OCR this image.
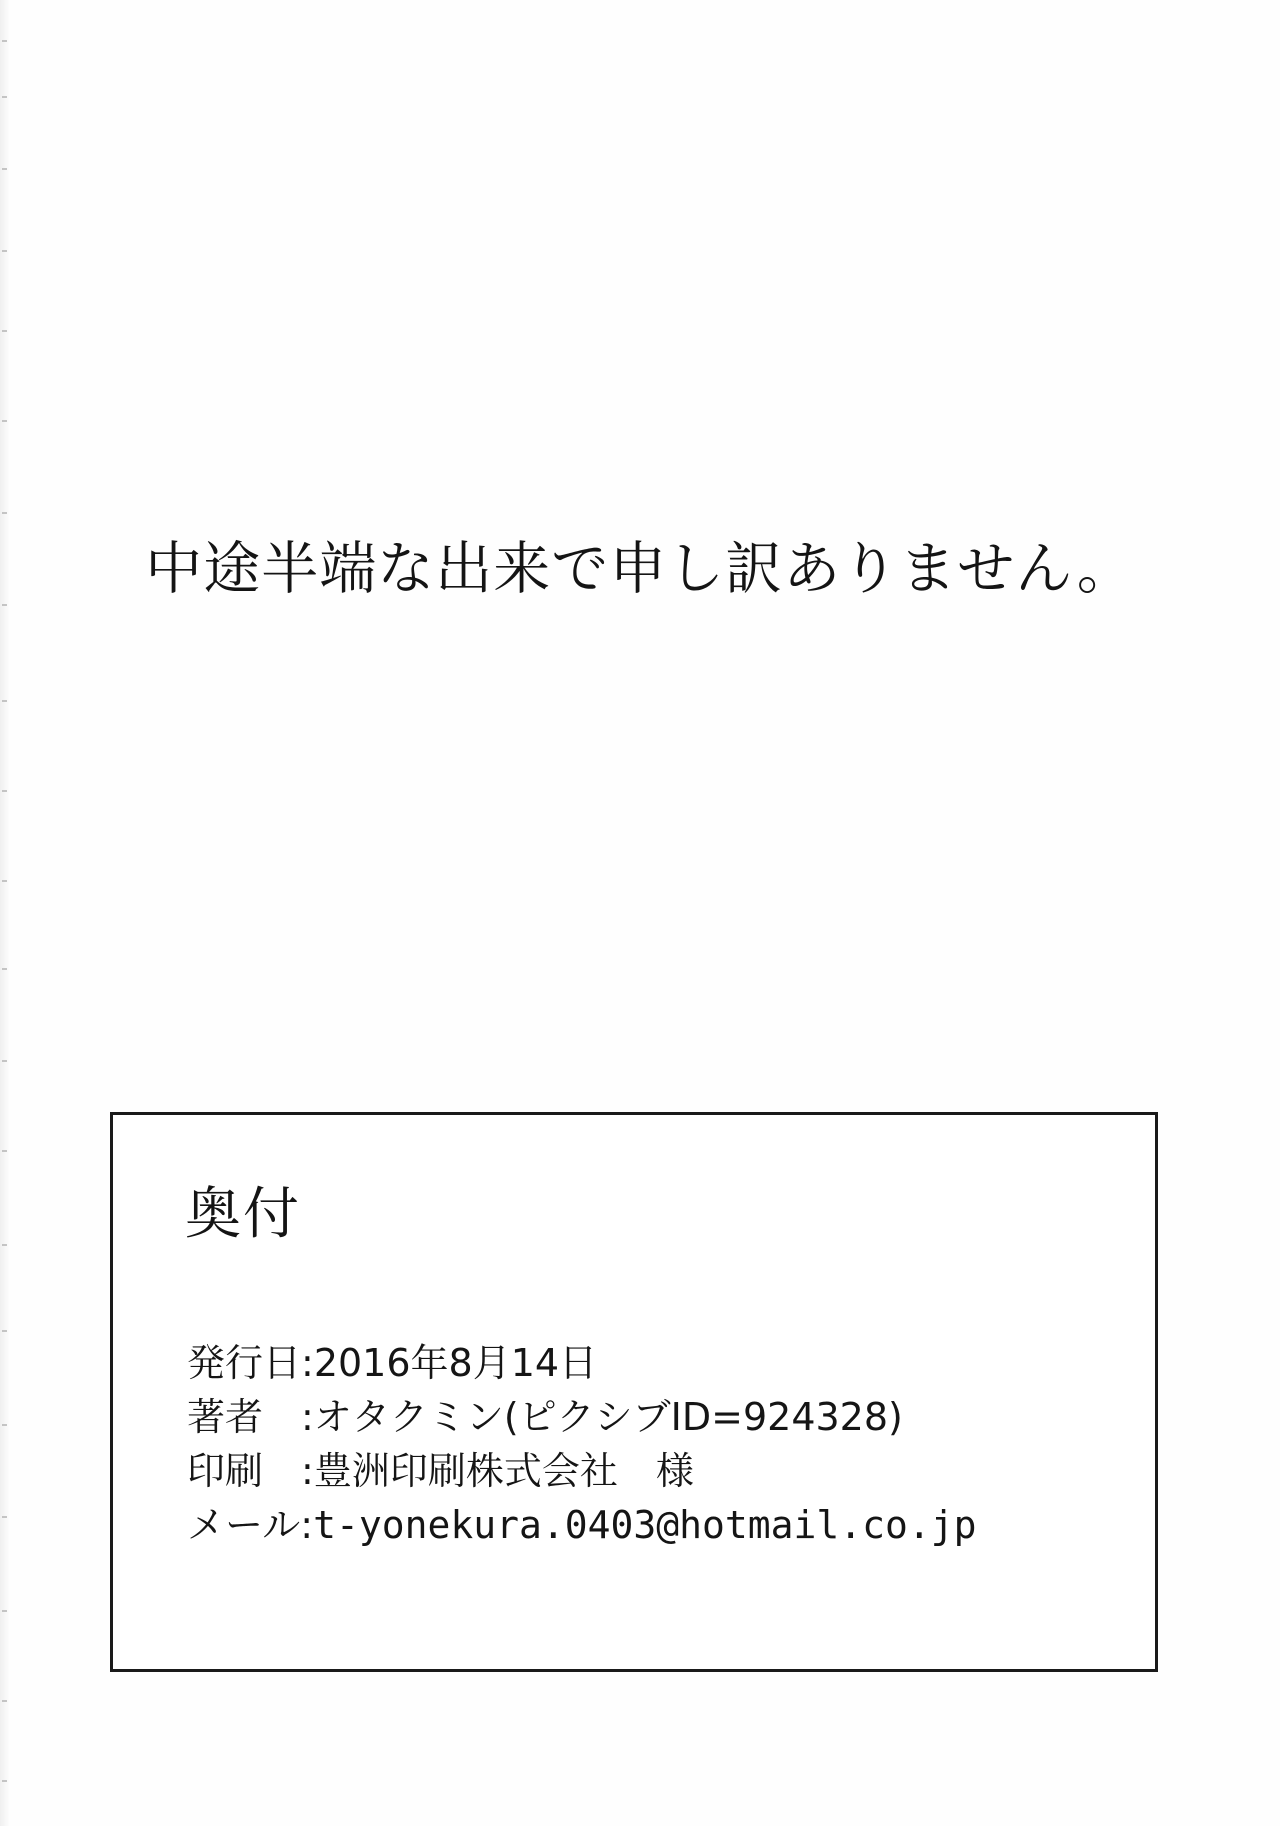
中途半端な出来で申し訳ありません。
奥付
発行日 : 2016年8月14日
著者　 : オタクミン(ピクシブID=924328)
印刷　 : 豊洲印刷株式会社　様
メール : t-yonekura.0403@hotmail.co.jp
